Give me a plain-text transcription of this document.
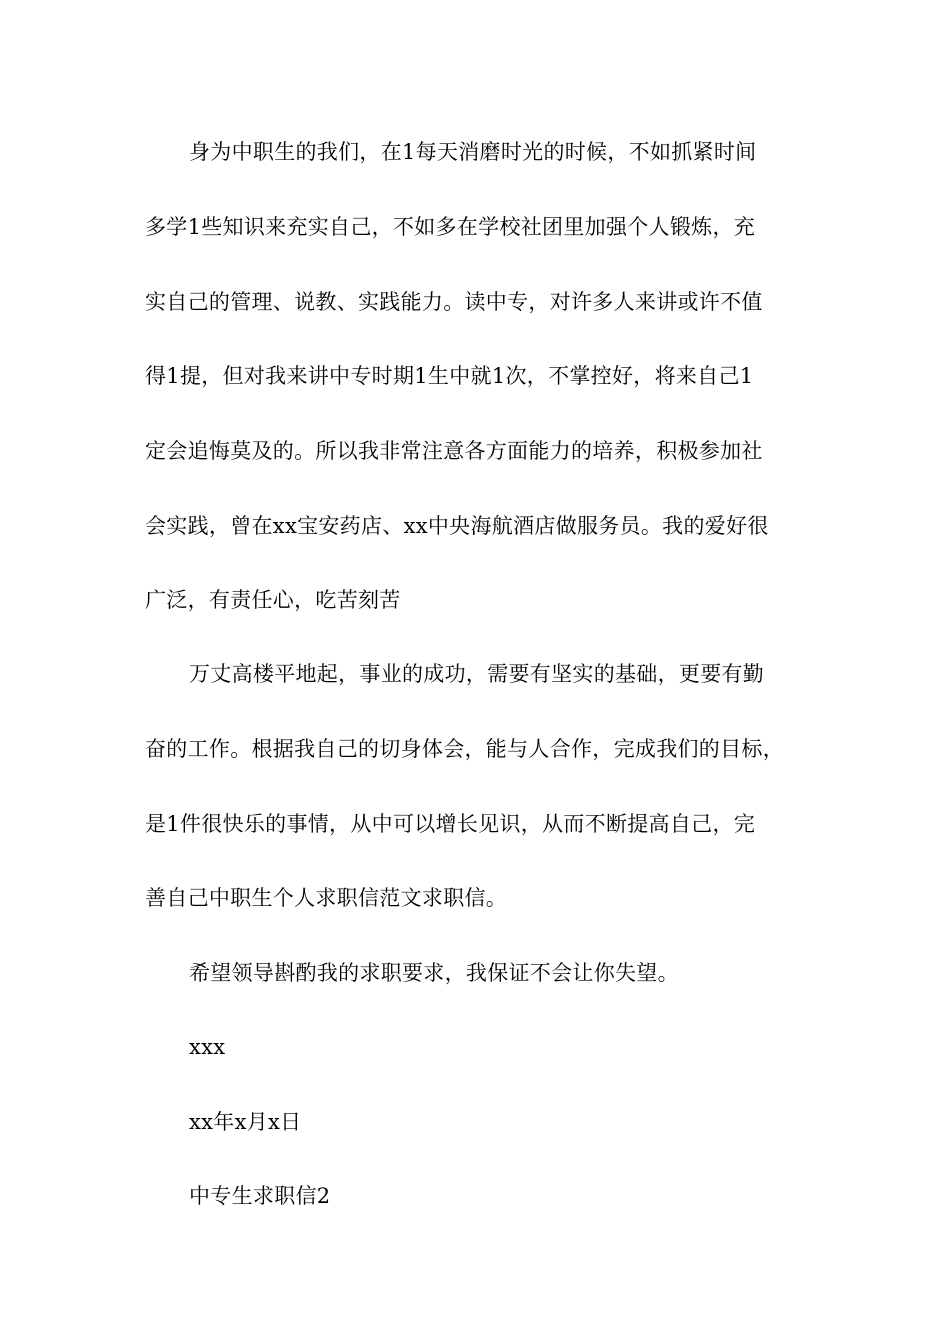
身为中职生的我们，在1每天消磨时光的时候，不如抓紧时间
多学1些知识来充实自己，不如多在学校社团里加强个人锻炼，充
实自己的管理、说教、实践能力。读中专，对许多人来讲或许不值
得1提，但对我来讲中专时期1生中就1次，不掌控好，将来自己1
定会追悔莫及的。所以我非常注意各方面能力的培养，积极参加社
会实践，曾在xx宝安药店、xx中央海航酒店做服务员。我的爱好很
广泛，有责任心，吃苦刻苦
万丈高楼平地起，事业的成功，需要有坚实的基础，更要有勤
奋的工作。根据我自己的切身体会，能与人合作，完成我们的目标，
是1件很快乐的事情，从中可以增长见识，从而不断提高自己，完
善自己中职生个人求职信范文求职信。
希望领导斟酌我的求职要求，我保证不会让你失望。
xxx
xx年x月x日
中专生求职信2
